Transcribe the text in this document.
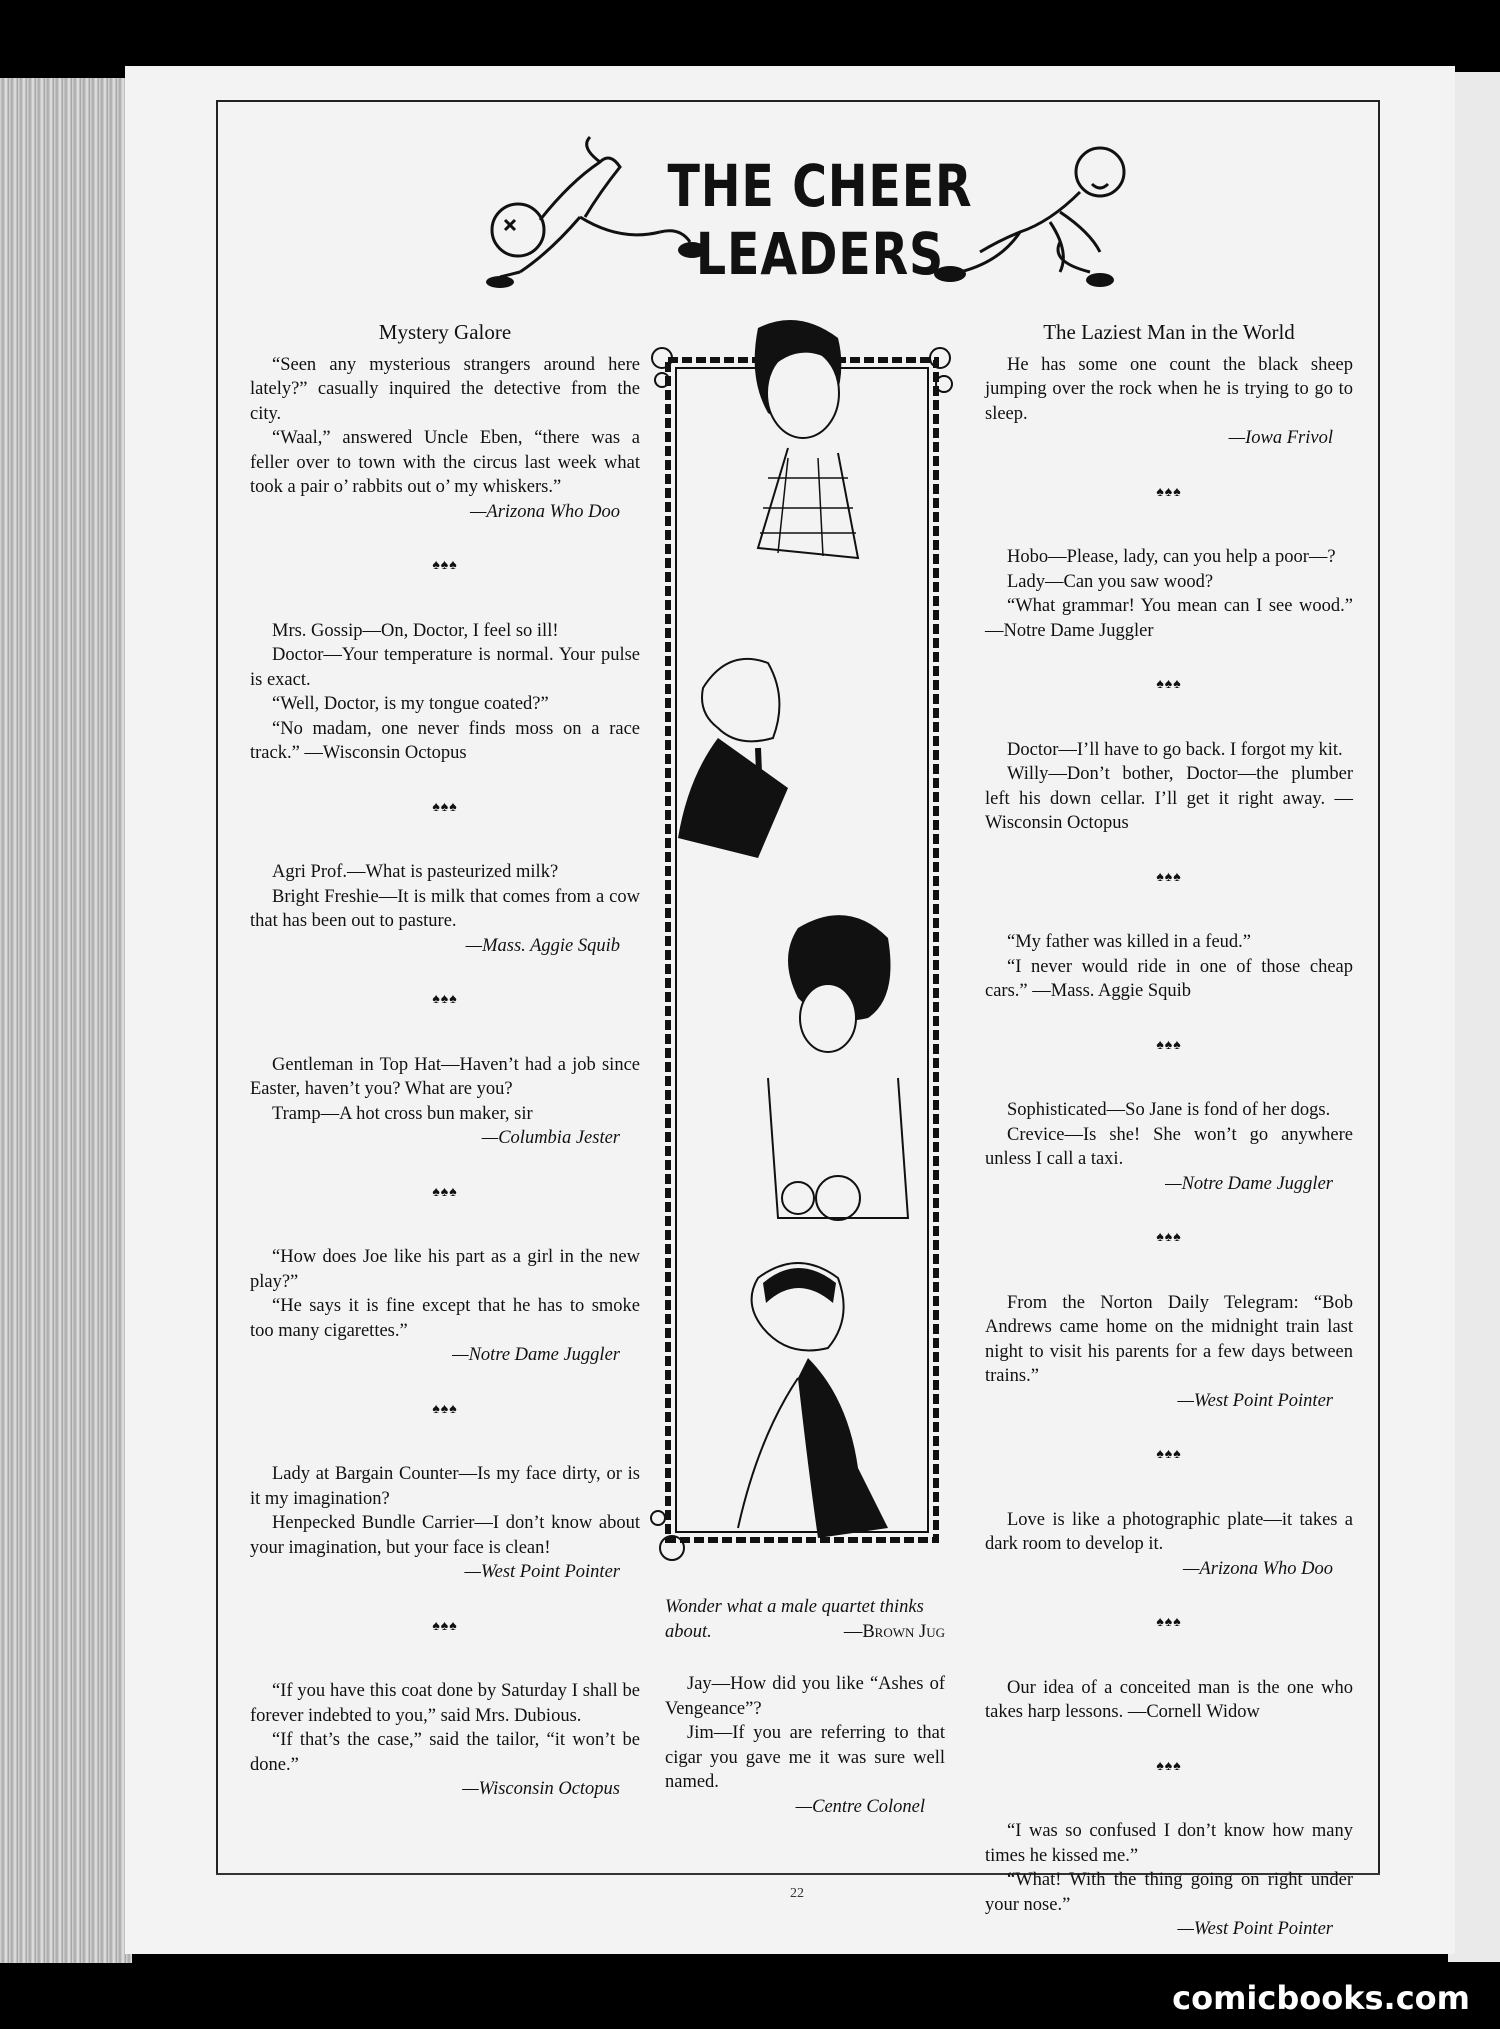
THE CHEER LEADERS
Mystery Galore

“Seen any mysterious strangers around here lately?” casually inquired the detective from the city.

“Waal,” answered Uncle Eben, “there was a feller over to town with the circus last week what took a pair o’ rabbits out o’ my whiskers.”

—Arizona Who Doo

♠♠♠

Mrs. Gossip—On, Doctor, I feel so ill!

Doctor—Your temperature is normal. Your pulse is exact.

“Well, Doctor, is my tongue coated?”

“No madam, one never finds moss on a race track.” —Wisconsin Octopus

♠♠♠

Agri Prof.—What is pasteurized milk?

Bright Freshie—It is milk that comes from a cow that has been out to pasture.

—Mass. Aggie Squib

♠♠♠

Gentleman in Top Hat—Haven’t had a job since Easter, haven’t you? What are you?

Tramp—A hot cross bun maker, sir

—Columbia Jester

♠♠♠

“How does Joe like his part as a girl in the new play?”

“He says it is fine except that he has to smoke too many cigarettes.”

—Notre Dame Juggler

♠♠♠

Lady at Bargain Counter—Is my face dirty, or is it my imagination?

Henpecked Bundle Carrier—I don’t know about your imagination, but your face is clean!

—West Point Pointer

♠♠♠

“If you have this coat done by Saturday I shall be forever indebted to you,” said Mrs. Dubious.

“If that’s the case,” said the tailor, “it won’t be done.”

—Wisconsin Octopus

Wonder what a male quartet thinks about.	—Brown Jug

Jay—How did you like “Ashes of Vengeance”?

Jim—If you are referring to that cigar you gave me it was sure well named.

—Centre Colonel

The Laziest Man in the World

He has some one count the black sheep jumping over the rock when he is trying to go to sleep.

—Iowa Frivol

♠♠♠

Hobo—Please, lady, can you help a poor—?

Lady—Can you saw wood?

“What grammar! You mean can I see wood.” —Notre Dame Juggler

♠♠♠

Doctor—I’ll have to go back. I forgot my kit.

Willy—Don’t bother, Doctor—the plumber left his down cellar. I’ll get it right away. —Wisconsin Octopus

♠♠♠

“My father was killed in a feud.”

“I never would ride in one of those cheap cars.” —Mass. Aggie Squib

♠♠♠

Sophisticated—So Jane is fond of her dogs.

Crevice—Is she! She won’t go anywhere unless I call a taxi.

—Notre Dame Juggler

♠♠♠

From the Norton Daily Telegram: “Bob Andrews came home on the midnight train last night to visit his parents for a few days between trains.”

—West Point Pointer

♠♠♠

Love is like a photographic plate—it takes a dark room to develop it.

—Arizona Who Doo

♠♠♠

Our idea of a conceited man is the one who takes harp lessons. —Cornell Widow

♠♠♠

“I was so confused I don’t know how many times he kissed me.”

“What! With the thing going on right under your nose.”

—West Point Pointer

22
comicbooks.com
